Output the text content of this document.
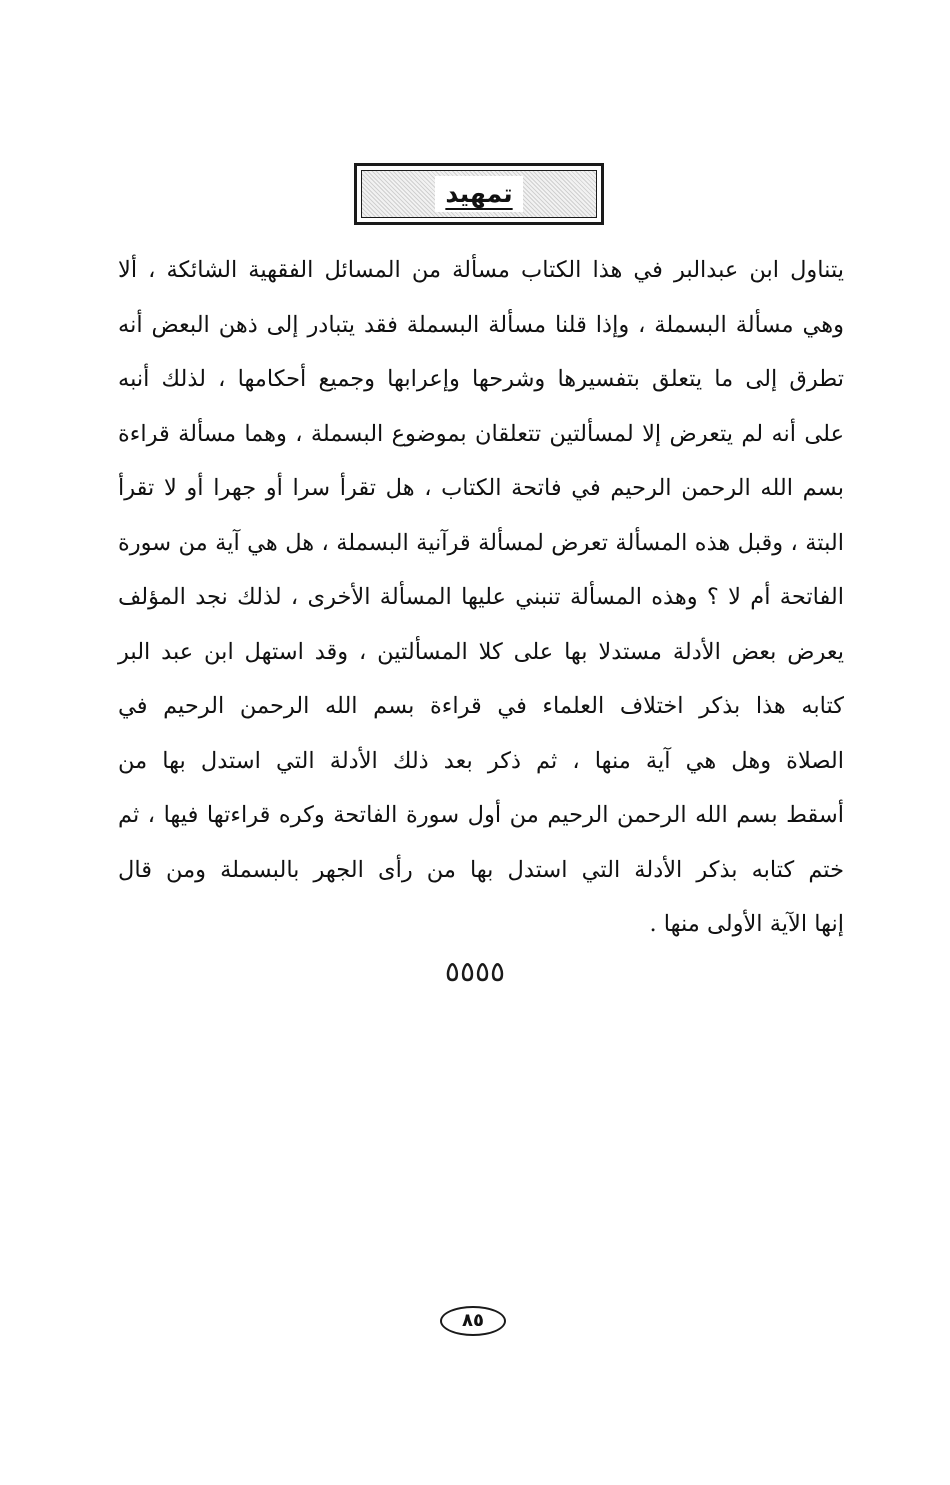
تمهيد

يتناول ابن عبدالبر في هذا الكتاب مسألة من المسائل الفقهية الشائكة ، ألا
وهي مسألة البسملة ، وإذا قلنا مسألة البسملة فقد يتبادر إلى ذهن البعض أنه
تطرق إلى ما يتعلق بتفسيرها وشرحها وإعرابها وجميع أحكامها ، لذلك أنبه
على أنه لم يتعرض إلا لمسألتين تتعلقان بموضوع البسملة ، وهما مسألة قراءة
بسم الله الرحمن الرحيم في فاتحة الكتاب ، هل تقرأ سرا أو جهرا أو لا تقرأ
البتة ، وقبل هذه المسألة تعرض لمسألة قرآنية البسملة ، هل هي آية من سورة
الفاتحة أم لا ؟ وهذه المسألة تنبني عليها المسألة الأخرى ، لذلك نجد المؤلف
يعرض بعض الأدلة مستدلا بها على كلا المسألتين ، وقد استهل ابن عبد البر
كتابه هذا بذكر اختلاف العلماء في قراءة بسم الله الرحمن الرحيم في
الصلاة وهل هي آية منها ، ثم ذكر بعد ذلك الأدلة التي استدل بها من
أسقط بسم الله الرحمن الرحيم من أول سورة الفاتحة وكره قراءتها فيها ، ثم
ختم كتابه بذكر الأدلة التي استدل بها من رأى الجهر بالبسملة ومن قال
إنها الآية الأولى منها .

٥٥٥٥
٨٥
